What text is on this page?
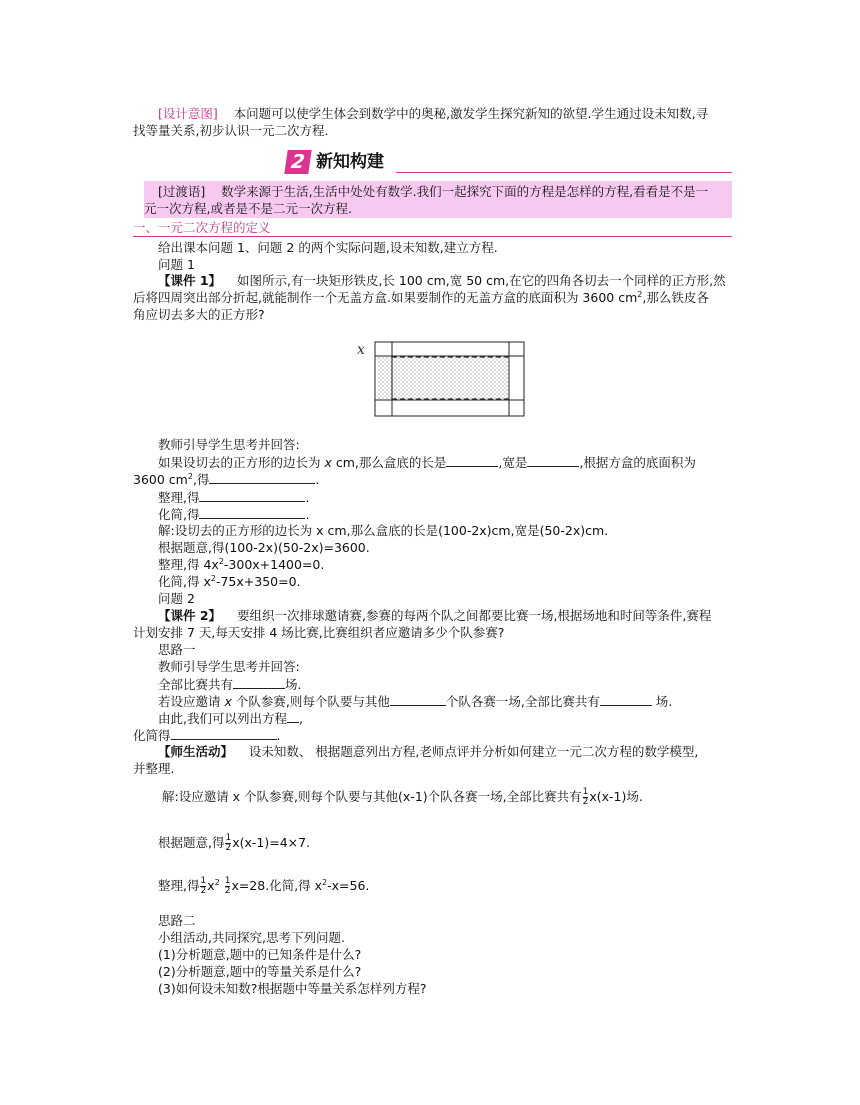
[设计意图] 本问题可以使学生体会到数学中的奥秘,激发学生探究新知的欲望.学生通过设未知数,寻
找等量关系,初步认识一元二次方程.
2 新知构建
[过渡语] 数学来源于生活,生活中处处有数学.我们一起探究下面的方程是怎样的方程,看看是不是一
元一次方程,或者是不是二元一次方程.
一、一元二次方程的定义
给出课本问题 1、问题 2 的两个实际问题,设未知数,建立方程.
问题 1
【课件 1】 如图所示,有一块矩形铁皮,长 100 cm,宽 50 cm,在它的四角各切去一个同样的正方形,然
后将四周突出部分折起,就能制作一个无盖方盒.如果要制作的无盖方盒的底面积为 3600 $cm^2$,那么铁皮各
角应切去多大的正方形?
x
教师引导学生思考并回答:
如果设切去的正方形的边长为 x cm,那么盒底的长是	,宽是	,根据方盒的底面积为
3600 $cm^2$,得	.
整理,得	.
化简,得	.
解:设切去的正方形的边长为 x cm,那么盒底的长是(100-2x)cm,宽是(50-2x)cm.
根据题意,得(100-2x)(50-2x)=3600.
整理,得 $4x^2-300x+1400=0$.
化简,得 $x^2-75x+350=0$.
问题 2
【课件 2】 要组织一次排球邀请赛,参赛的每两个队之间都要比赛一场,根据场地和时间等条件,赛程
计划安排 7 天,每天安排 4 场比赛,比赛组织者应邀请多少个队参赛?
思路一
教师引导学生思考并回答:
全部比赛共有	场.
若设应邀请 x 个队参赛,则每个队要与其他	个队各赛一场,全部比赛共有	场.
由此,我们可以列出方程 ,
化简得	.
【师生活动】 设未知数、 根据题意列出方程,老师点评并分析如何建立一元二次方程的数学模型,
并整理.
解:设应邀请 x 个队参赛,则每个队要与其他(x-1)个队各赛一场,全部比赛共有 $\frac{1}{2} x(x-1)$场.
根据题意,得 $\frac{1}{2} x(x-1)=4\times 7$.
整理,得 $\frac{1}{2} x^2 \frac{1}{2} x=28$.化简,得 $x^2-x=56$.
思路二
小组活动,共同探究,思考下列问题.
(1)分析题意,题中的已知条件是什么?
(2)分析题意,题中的等量关系是什么?
(3)如何设未知数?根据题中等量关系怎样列方程?
